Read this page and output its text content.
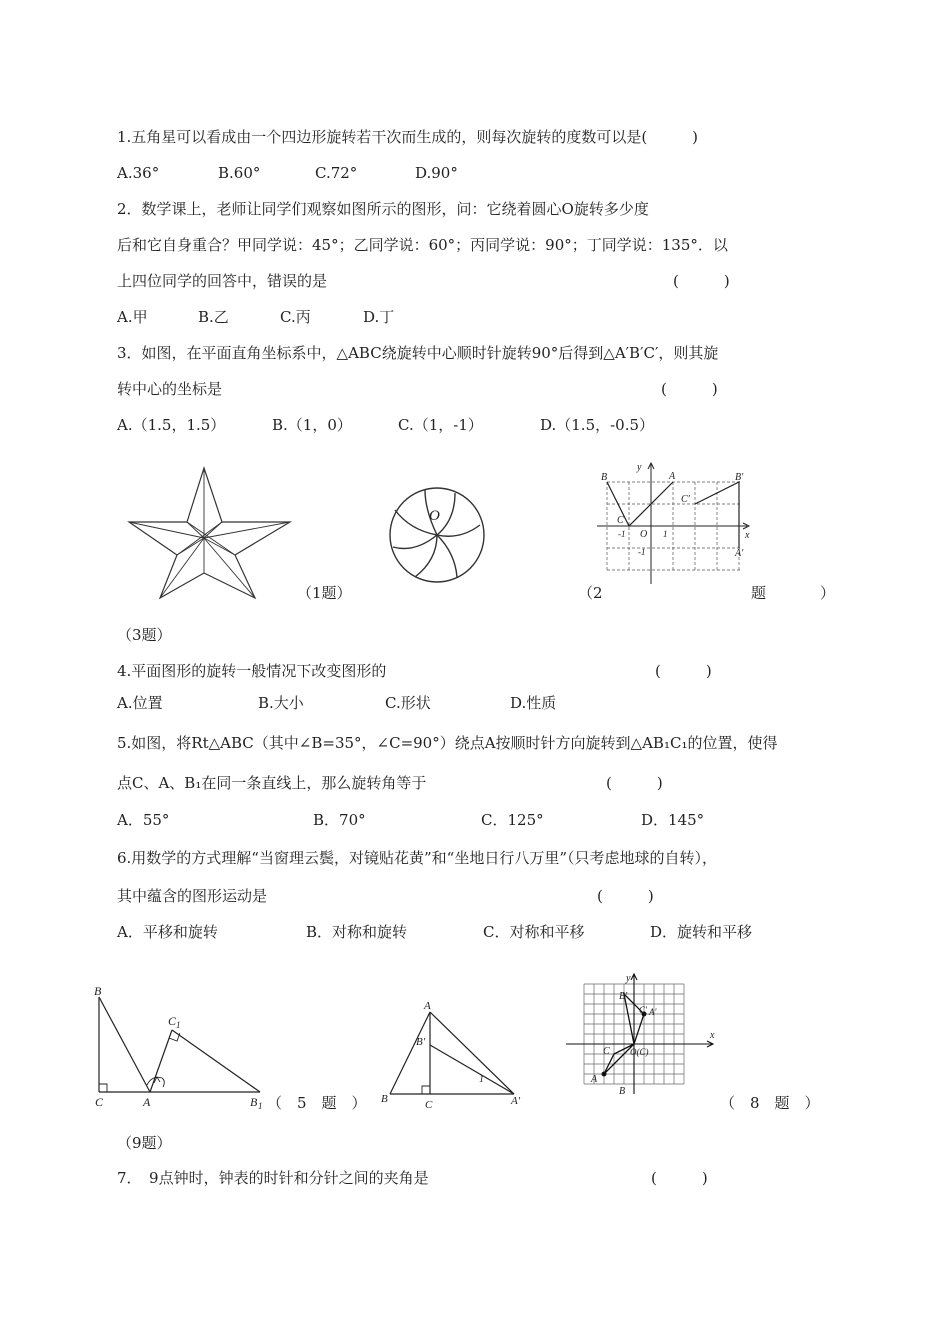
1.五角星可以看成由一个四边形旋转若干次而生成的，则每次旋转的度数可以是(　　　)
A.36°	B.60°	C.72°	D.90°
2．数学课上，老师让同学们观察如图所示的图形，问：它绕着圆心O旋转多少度
后和它自身重合？甲同学说：45°；乙同学说：60°；丙同学说：90°；丁同学说：135°．以
上四位同学的回答中，错误的是	(　　　)
A.甲	B.乙	C.丙	D.丁
3．如图，在平面直角坐标系中，△ABC绕旋转中心顺时针旋转90°后得到△A′B′C′，则其旋
转中心的坐标是	(　　　)
A.（1.5，1.5）	B.（1，0）	C.（1，-1）	D.（1.5，-0.5）
（1题）
O
（2	题	）
y
x
A
B
C
O
B′
C′
A′
-1	1
-1
（3题）
4.平面图形的旋转一般情况下改变图形的	(　　　)
A.位置	B.大小	C.形状	D.性质
5.如图，将Rt△ABC（其中∠B=35°，∠C=90°）绕点A按顺时针方向旋转到△AB₁C₁的位置，使得
点C、A、B₁在同一条直线上，那么旋转角等于	(　　　)
A．55°	B．70°	C．125°	D．145°
6.用数学的方式理解“当窗理云鬓，对镜贴花黄”和“坐地日行八万里”（只考虑地球的自转），
其中蕴含的图形运动是	(　　　)
A．平移和旋转	B．对称和旋转	C．对称和平移	D．旋转和平移
B
C	A
C 1
B 1 （　5　题　）
A
B	C
B′
A′
1
（9题）
y
x
B′
C′ A′
C O(C)
A
B
（　8　题　）
7．　9点钟时，钟表的时针和分针之间的夹角是	(　　　)
